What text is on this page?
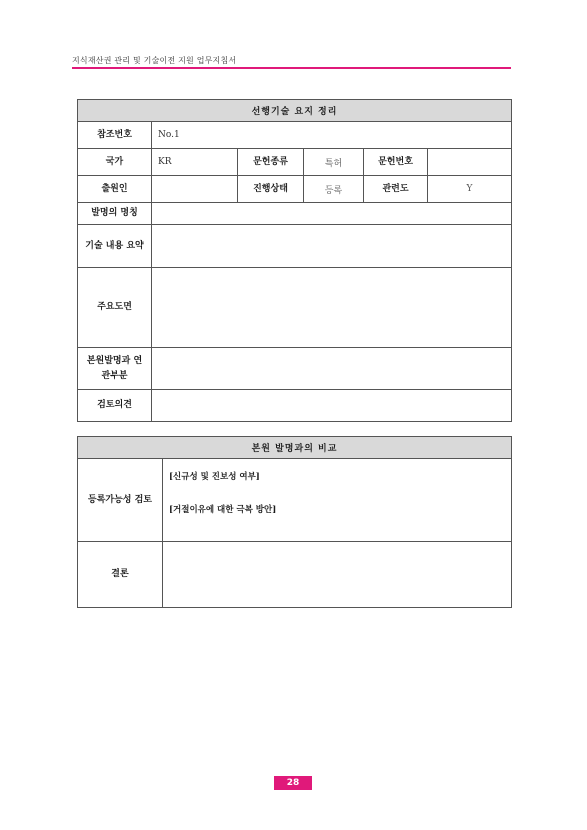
지식재산권 관리 및 기술이전 지원 업무지침서
선행기술 요지 정리					
참조번호	No.1				
국가	KR	문헌종류	특허	문헌번호	
출원인		진행상태	등록	관련도	Y
발명의 명칭					
기술 내용 요약					
주요도면					
본원발명과 연관부분					
검토의견					
본원 발명과의 비교	
등록가능성 검토	[신규성 및 진보성 여부]
[거절이유에 대한 극복 방안]

결론	
28
